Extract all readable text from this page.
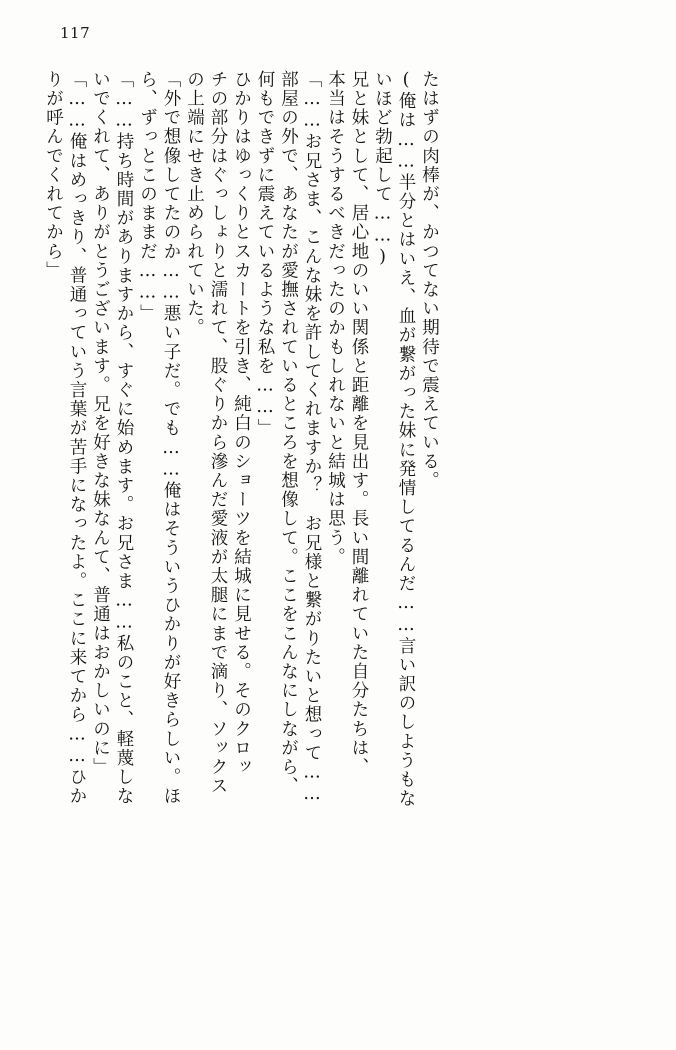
117
りが呼んでくれてから」 「……俺はめっきり、普通っていう言葉が苦手になったよ。ここに来てから……ひか いでくれて、ありがとうございます。兄を好きな妹なんて、普通はおかしいのに」 「……持ち時間がありますから、すぐに始めます。お兄さま……私のこと、軽蔑しな ら、ずっとこのままだ……」 「外で想像してたのか……悪い子だ。でも……俺はそういうひかりが好きらしい。ほ の上端にせき止められていた。 チの部分はぐっしょりと濡れて、股ぐりから滲んだ愛液が太腿にまで滴り、ソックス ひかりはゆっくりとスカートを引き、純白のショーツを結城に見せる。そのクロッ 何もできずに震えているような私を……」 部屋の外で、あなたが愛撫されているところを想像して。ここをこんなにしながら、 「……お兄さま、こんな妹を許してくれますか？　お兄様と繋がりたいと想って…… 本当はそうするべきだったのかもしれないと結城は思う。 兄と妹として、居心地のいい関係と距離を見出す。長い間離れていた自分たちは、 いほど勃起して……) (俺は……半分とはいえ、血が繋がった妹に発情してるんだ……言い訳のしようもな たはずの肉棒が、かつてない期待で震えている。
